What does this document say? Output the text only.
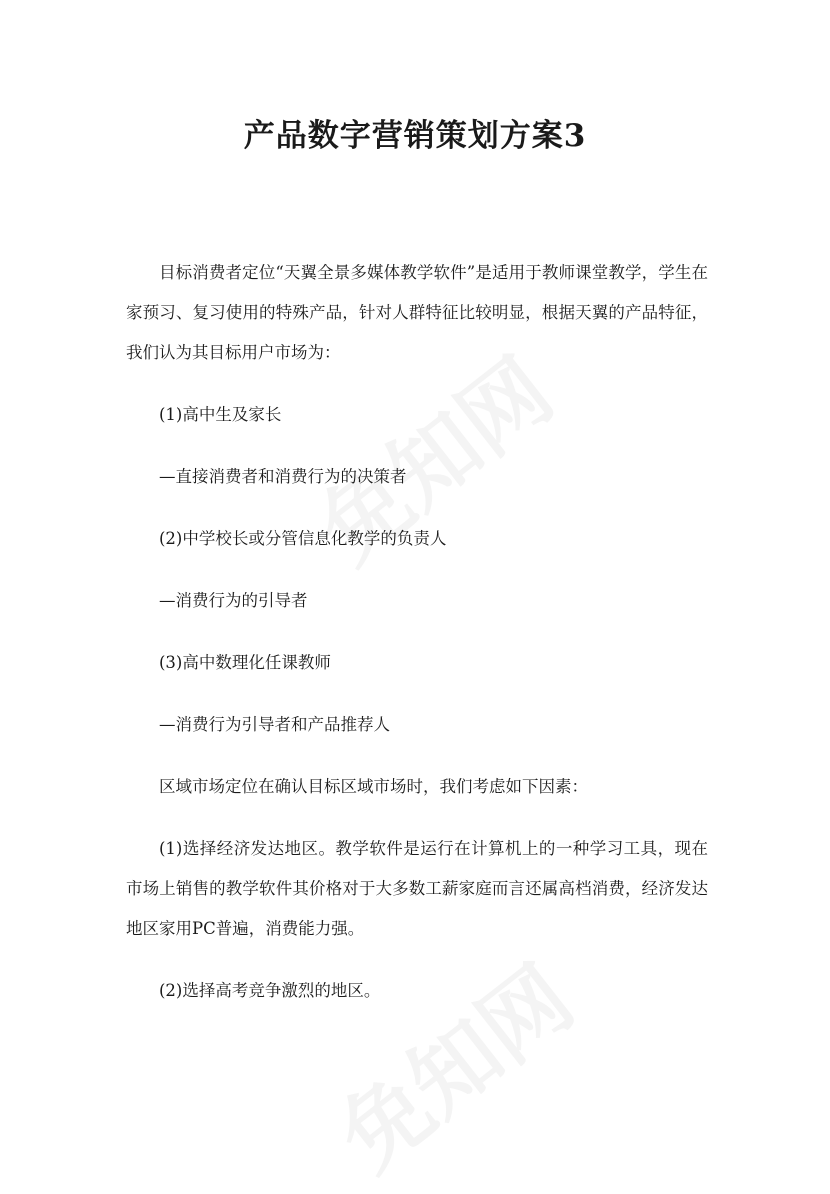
产品数字营销策划方案3

目标消费者定位“天翼全景多媒体教学软件”是适用于教师课堂教学，学生在家预习、复习使用的特殊产品，针对人群特征比较明显，根据天翼的产品特征，我们认为其目标用户市场为：

(1)高中生及家长

—直接消费者和消费行为的决策者

(2)中学校长或分管信息化教学的负责人

—消费行为的引导者

(3)高中数理化任课教师

—消费行为引导者和产品推荐人

区域市场定位在确认目标区域市场时，我们考虑如下因素：

(1)选择经济发达地区。教学软件是运行在计算机上的一种学习工具，现在市场上销售的教学软件其价格对于大多数工薪家庭而言还属高档消费，经济发达地区家用PC普遍，消费能力强。

(2)选择高考竞争激烈的地区。
